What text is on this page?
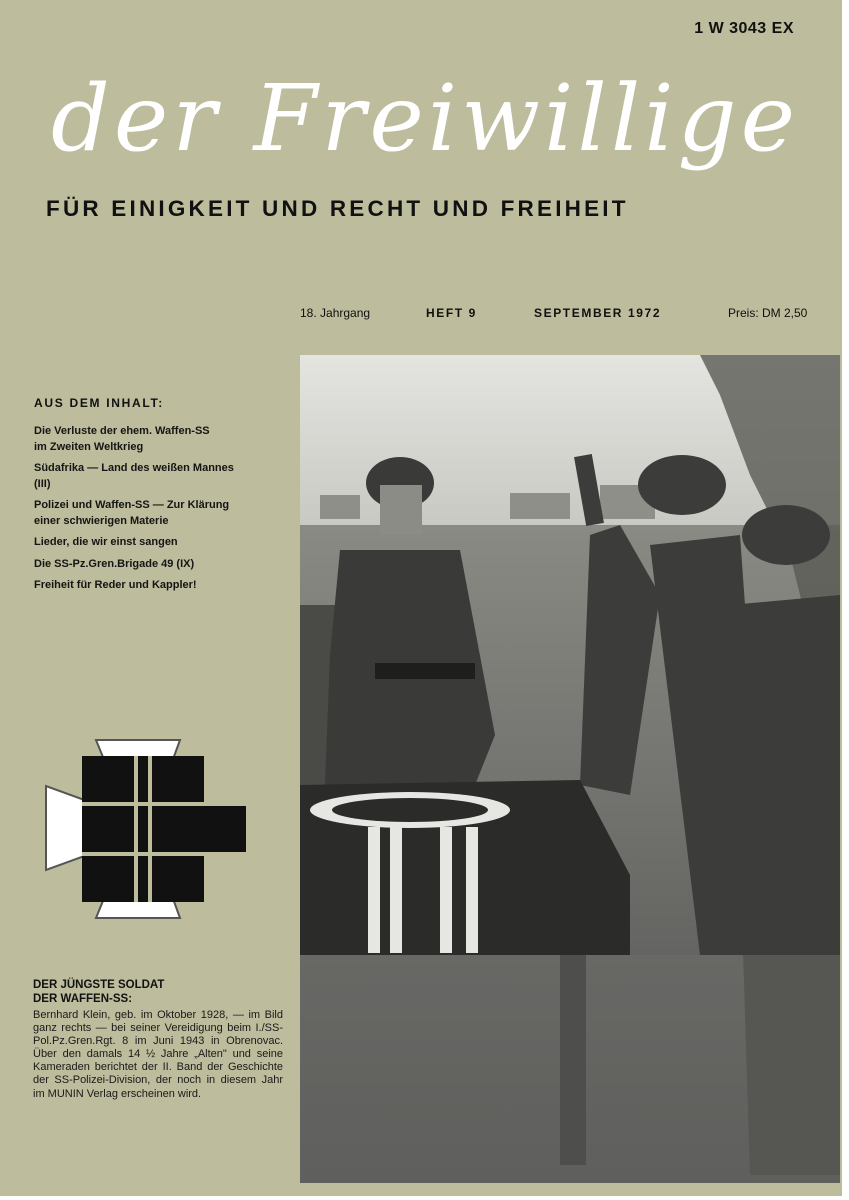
1 W 3043 EX
der Freiwillige
FÜR EINIGKEIT UND RECHT UND FREIHEIT
18. Jahrgang	HEFT 9	SEPTEMBER 1972	Preis: DM 2,50
AUS DEM INHALT:
Die Verluste der ehem. Waffen-SS
im Zweiten Weltkrieg
Südafrika — Land des weißen Mannes
(III)
Polizei und Waffen-SS — Zur Klärung
einer schwierigen Materie
Lieder, die wir einst sangen
Die SS-Pz.Gren.Brigade 49 (IX)
Freiheit für Reder und Kappler!
DER JÜNGSTE SOLDAT
DER WAFFEN-SS:
Bernhard Klein, geb. im Oktober 1928, — im Bild ganz rechts — bei seiner Vereidigung beim I./SS-Pol.Pz.Gren.Rgt. 8 im Juni 1943 in Obrenovac. Über den damals 14 ½ Jahre „Alten" und seine Kameraden berichtet der II. Band der Geschichte der SS-Polizei-Division, der noch in diesem Jahr im MUNIN Verlag erscheinen wird.
